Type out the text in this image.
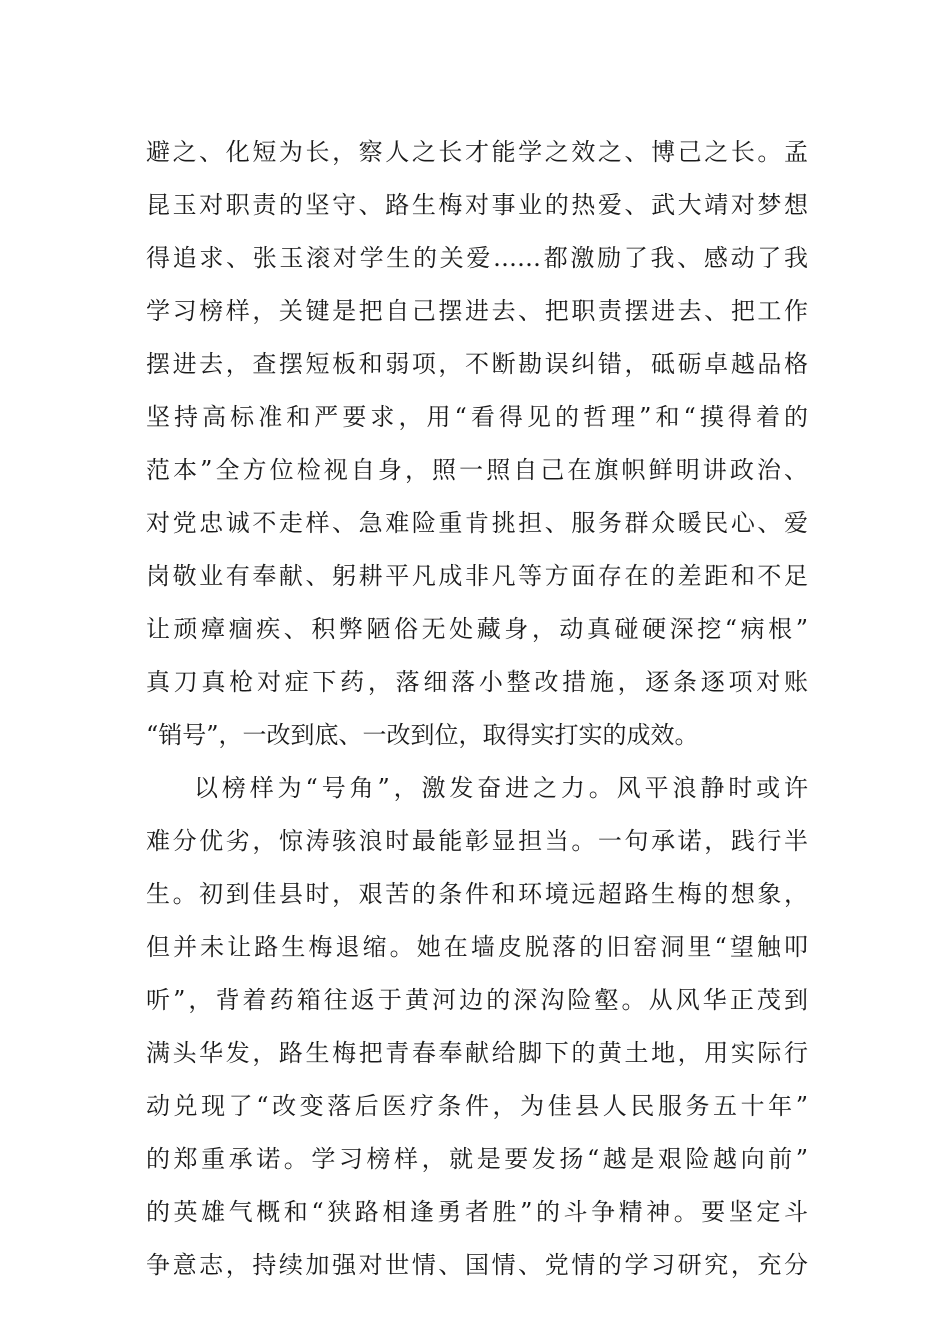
避之、化短为长，察人之长才能学之效之、博己之长。孟
昆玉对职责的坚守、路生梅对事业的热爱、武大靖对梦想
得追求、张玉滚对学生的关爱……都激励了我、感动了我
学习榜样，关键是把自己摆进去、把职责摆进去、把工作
摆进去，查摆短板和弱项，不断勘误纠错，砥砺卓越品格
坚持高标准和严要求，用“看得见的哲理”和“摸得着的
范本”全方位检视自身，照一照自己在旗帜鲜明讲政治、
对党忠诚不走样、急难险重肯挑担、服务群众暖民心、爱
岗敬业有奉献、躬耕平凡成非凡等方面存在的差距和不足
让顽瘴痼疾、积弊陋俗无处藏身，动真碰硬深挖“病根”
真刀真枪对症下药，落细落小整改措施，逐条逐项对账
“销号”，一改到底、一改到位，取得实打实的成效。
以榜样为“号角”，激发奋进之力。风平浪静时或许
难分优劣，惊涛骇浪时最能彰显担当。一句承诺，践行半
生。初到佳县时，艰苦的条件和环境远超路生梅的想象，
但并未让路生梅退缩。她在墙皮脱落的旧窑洞里“望触叩
听”，背着药箱往返于黄河边的深沟险壑。从风华正茂到
满头华发，路生梅把青春奉献给脚下的黄土地，用实际行
动兑现了“改变落后医疗条件，为佳县人民服务五十年”
的郑重承诺。学习榜样，就是要发扬“越是艰险越向前”
的英雄气概和“狭路相逢勇者胜”的斗争精神。要坚定斗
争意志，持续加强对世情、国情、党情的学习研究，充分
